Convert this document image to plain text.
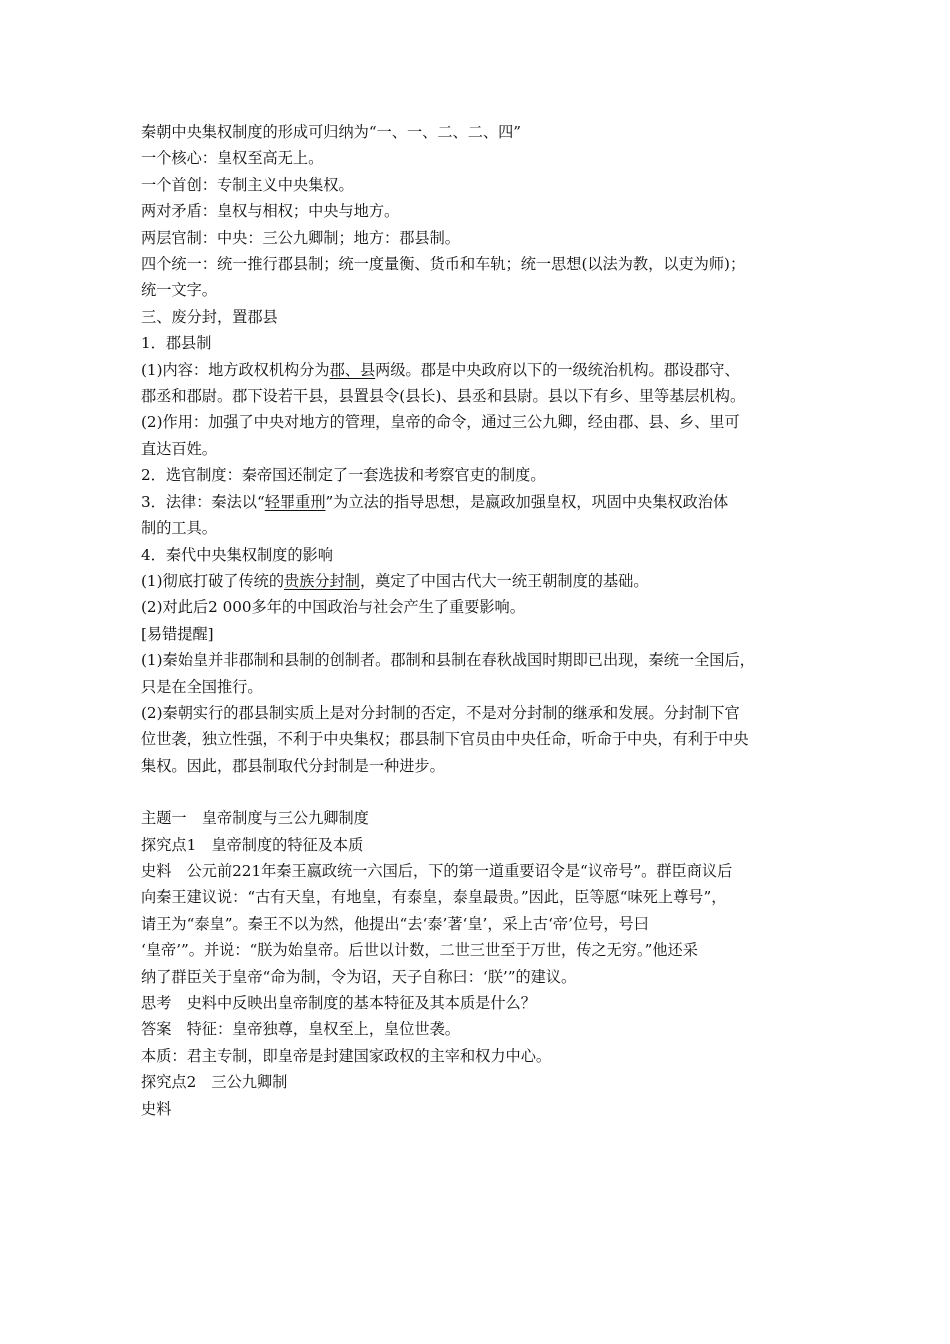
秦朝中央集权制度的形成可归纳为“一、一、二、二、四”
一个核心：皇权至高无上。
一个首创：专制主义中央集权。
两对矛盾：皇权与相权；中央与地方。
两层官制：中央：三公九卿制；地方：郡县制。
四个统一：统一推行郡县制；统一度量衡、货币和车轨；统一思想(以法为教，以吏为师)；
统一文字。
三、废分封，置郡县
1．郡县制
(1)内容：地方政权机构分为郡、县两级。郡是中央政府以下的一级统治机构。郡设郡守、
郡丞和郡尉。郡下设若干县，县置县令(县长)、县丞和县尉。县以下有乡、里等基层机构。
(2)作用：加强了中央对地方的管理，皇帝的命令，通过三公九卿，经由郡、县、乡、里可
直达百姓。
2．选官制度：秦帝国还制定了一套选拔和考察官吏的制度。
3．法律：秦法以“轻罪重刑”为立法的指导思想，是嬴政加强皇权，巩固中央集权政治体
制的工具。
4．秦代中央集权制度的影响
(1)彻底打破了传统的贵族分封制，奠定了中国古代大一统王朝制度的基础。
(2)对此后2 000多年的中国政治与社会产生了重要影响。
[易错提醒]
(1)秦始皇并非郡制和县制的创制者。郡制和县制在春秋战国时期即已出现，秦统一全国后，
只是在全国推行。
(2)秦朝实行的郡县制实质上是对分封制的否定，不是对分封制的继承和发展。分封制下官
位世袭，独立性强，不利于中央集权；郡县制下官员由中央任命，听命于中央，有利于中央
集权。因此，郡县制取代分封制是一种进步。
主题一　皇帝制度与三公九卿制度
探究点1　皇帝制度的特征及本质
史料　公元前221年秦王嬴政统一六国后，下的第一道重要诏令是“议帝号”。群臣商议后
向秦王建议说：“古有天皇，有地皇，有泰皇，泰皇最贵。”因此，臣等愿“味死上尊号”，
请王为“泰皇”。秦王不以为然，他提出“去‘泰’著‘皇’，采上古‘帝’位号，号曰
‘皇帝’”。并说：“朕为始皇帝。后世以计数，二世三世至于万世，传之无穷。”他还采
纳了群臣关于皇帝“命为制，令为诏，天子自称曰：‘朕’”的建议。
思考　史料中反映出皇帝制度的基本特征及其本质是什么？
答案　特征：皇帝独尊，皇权至上，皇位世袭。
本质：君主专制，即皇帝是封建国家政权的主宰和权力中心。
探究点2　三公九卿制
史料
